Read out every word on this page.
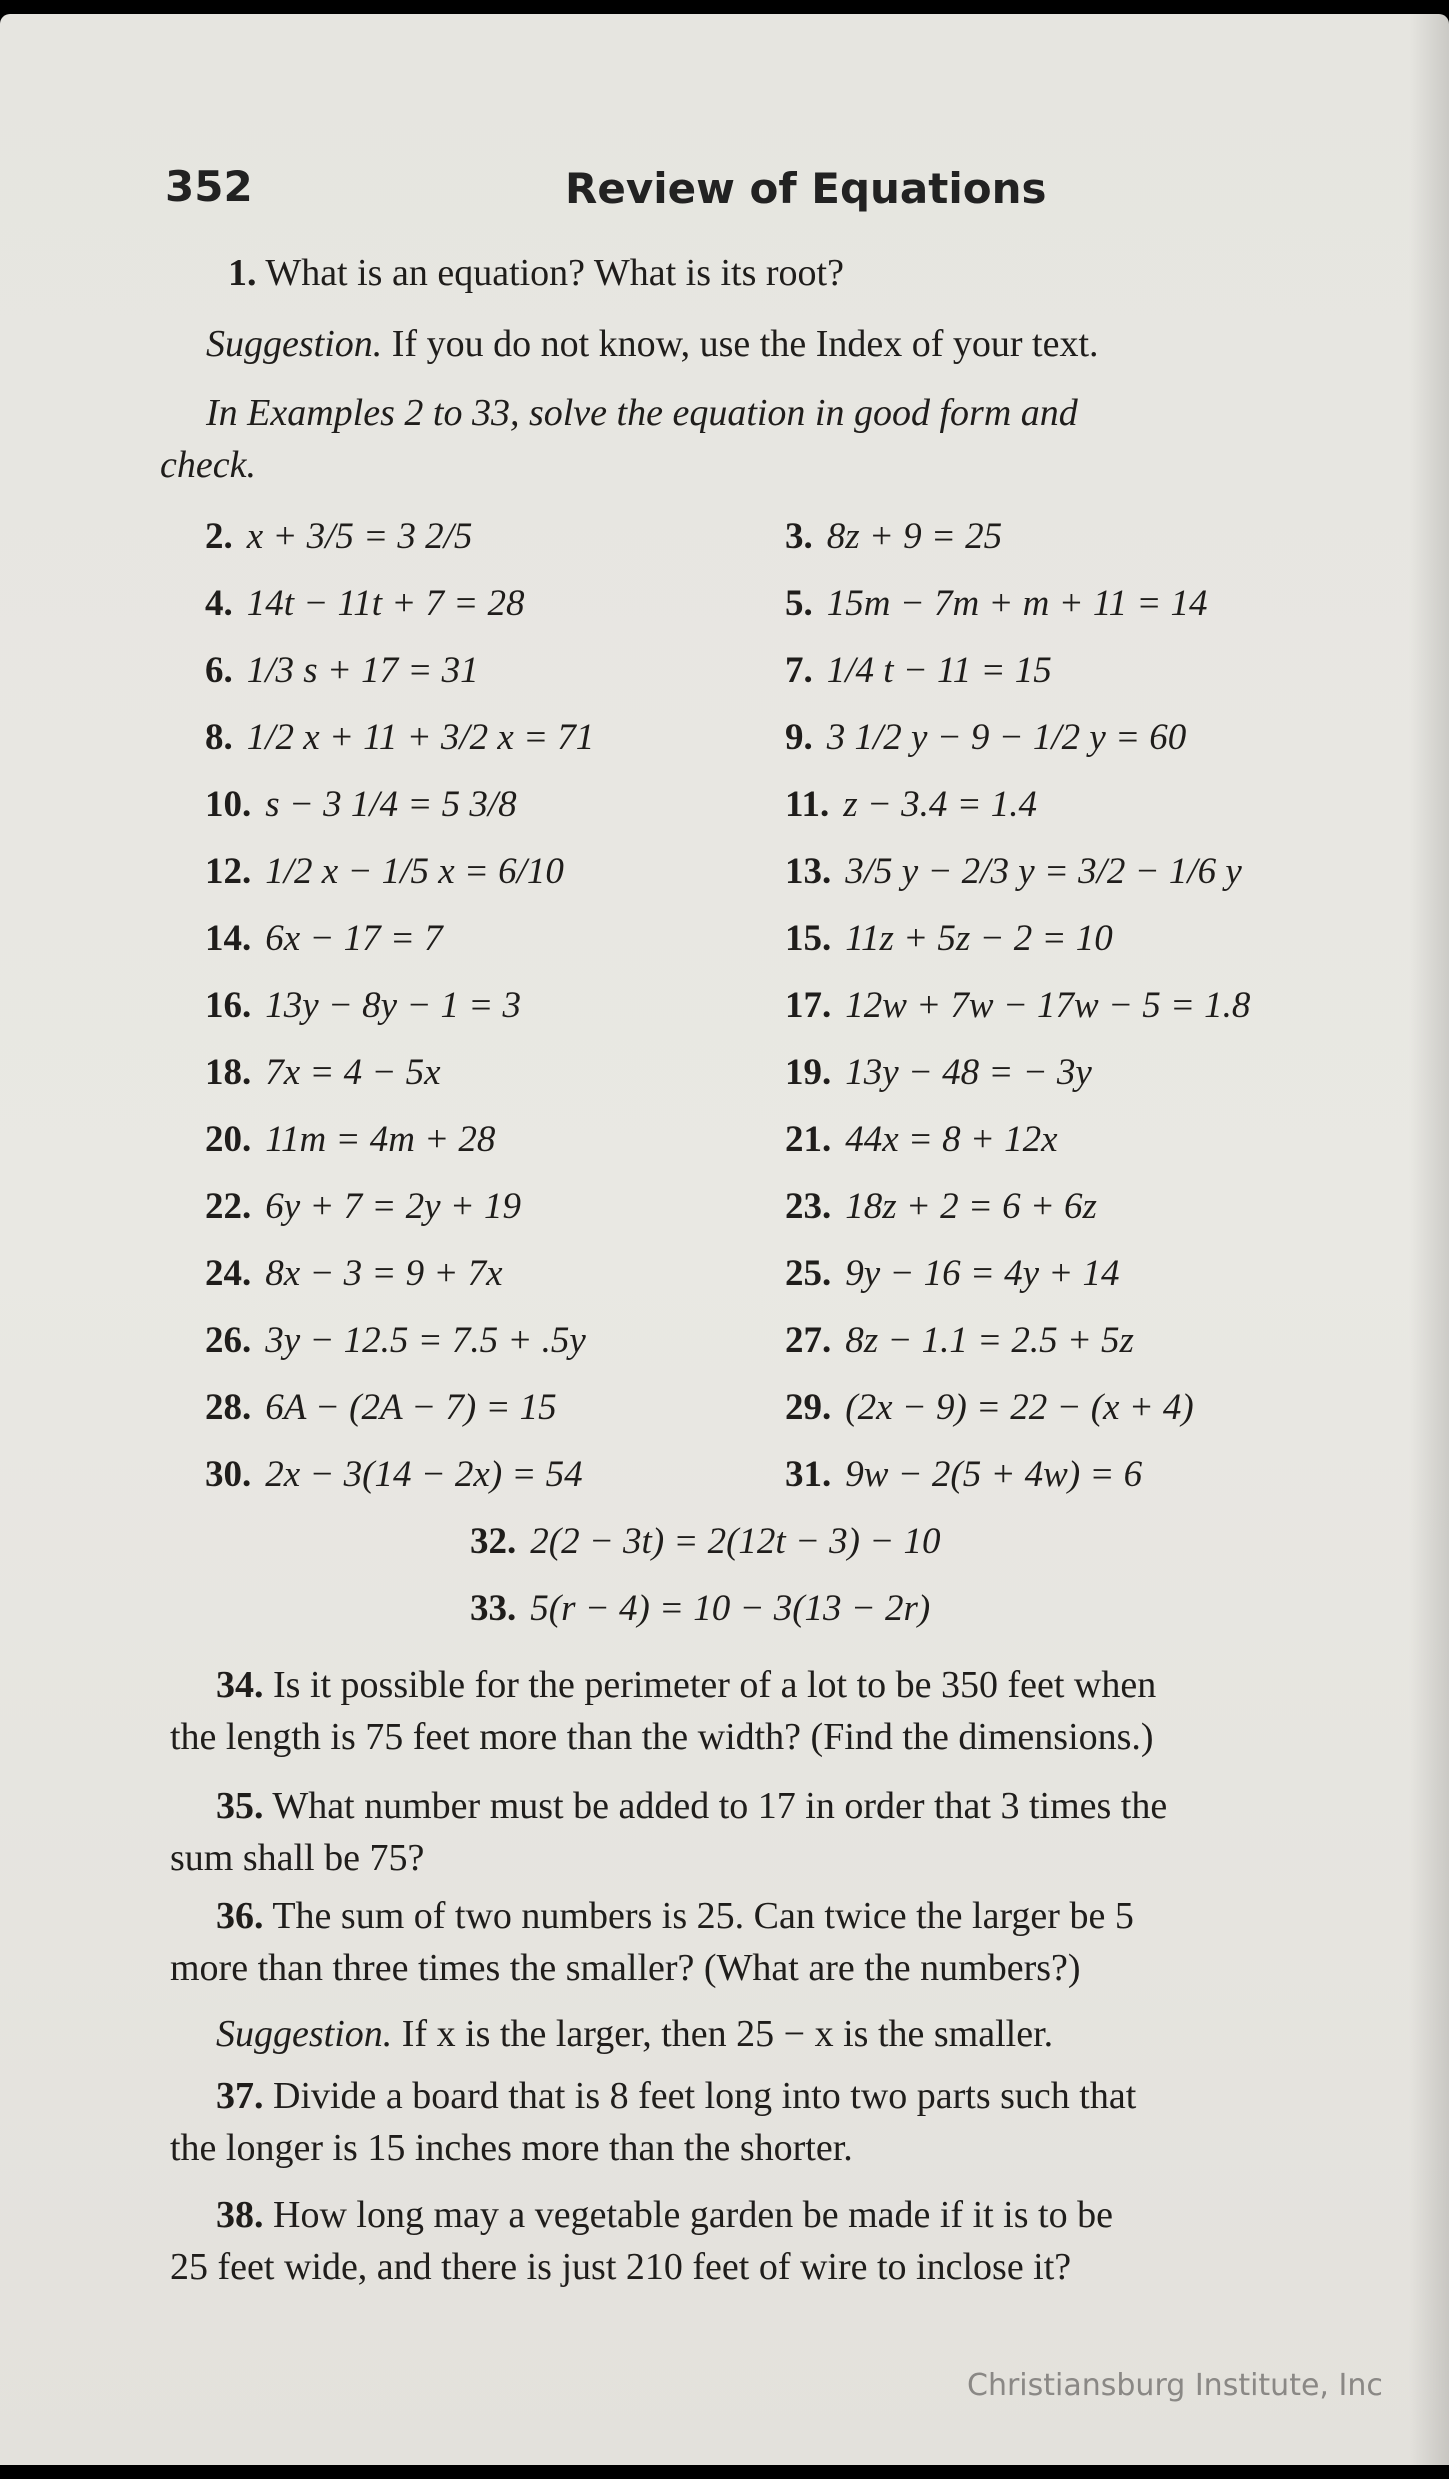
352	Review of Equations
1. What is an equation? What is its root?
Suggestion. If you do not know, use the Index of your text.
In Examples 2 to 33, solve the equation in good form and
check.
2. x + 3/5 = 3 2/5	3. 8z + 9 = 25
4. 14t − 11t + 7 = 28	5. 15m − 7m + m + 11 = 14
6. 1/3 s + 17 = 31	7. 1/4 t − 11 = 15
8. 1/2 x + 11 + 3/2 x = 71	9. 3 1/2 y − 9 − 1/2 y = 60
10. s − 3 1/4 = 5 3/8	11. z − 3.4 = 1.4
12. 1/2 x − 1/5 x = 6/10	13. 3/5 y − 2/3 y = 3/2 − 1/6 y
14. 6x − 17 = 7	15. 11z + 5z − 2 = 10
16. 13y − 8y − 1 = 3	17. 12w + 7w − 17w − 5 = 1.8
18. 7x = 4 − 5x	19. 13y − 48 = − 3y
20. 11m = 4m + 28	21. 44x = 8 + 12x
22. 6y + 7 = 2y + 19	23. 18z + 2 = 6 + 6z
24. 8x − 3 = 9 + 7x	25. 9y − 16 = 4y + 14
26. 3y − 12.5 = 7.5 + .5y	27. 8z − 1.1 = 2.5 + 5z
28. 6A − (2A − 7) = 15	29. (2x − 9) = 22 − (x + 4)
30. 2x − 3(14 − 2x) = 54	31. 9w − 2(5 + 4w) = 6
32. 2(2 − 3t) = 2(12t − 3) − 10
33. 5(r − 4) = 10 − 3(13 − 2r)
34. Is it possible for the perimeter of a lot to be 350 feet when
the length is 75 feet more than the width? (Find the dimensions.)
35. What number must be added to 17 in order that 3 times the
sum shall be 75?
36. The sum of two numbers is 25. Can twice the larger be 5
more than three times the smaller? (What are the numbers?)
Suggestion. If x is the larger, then 25 − x is the smaller.
37. Divide a board that is 8 feet long into two parts such that
the longer is 15 inches more than the shorter.
38. How long may a vegetable garden be made if it is to be
25 feet wide, and there is just 210 feet of wire to inclose it?
Christiansburg Institute, Inc
